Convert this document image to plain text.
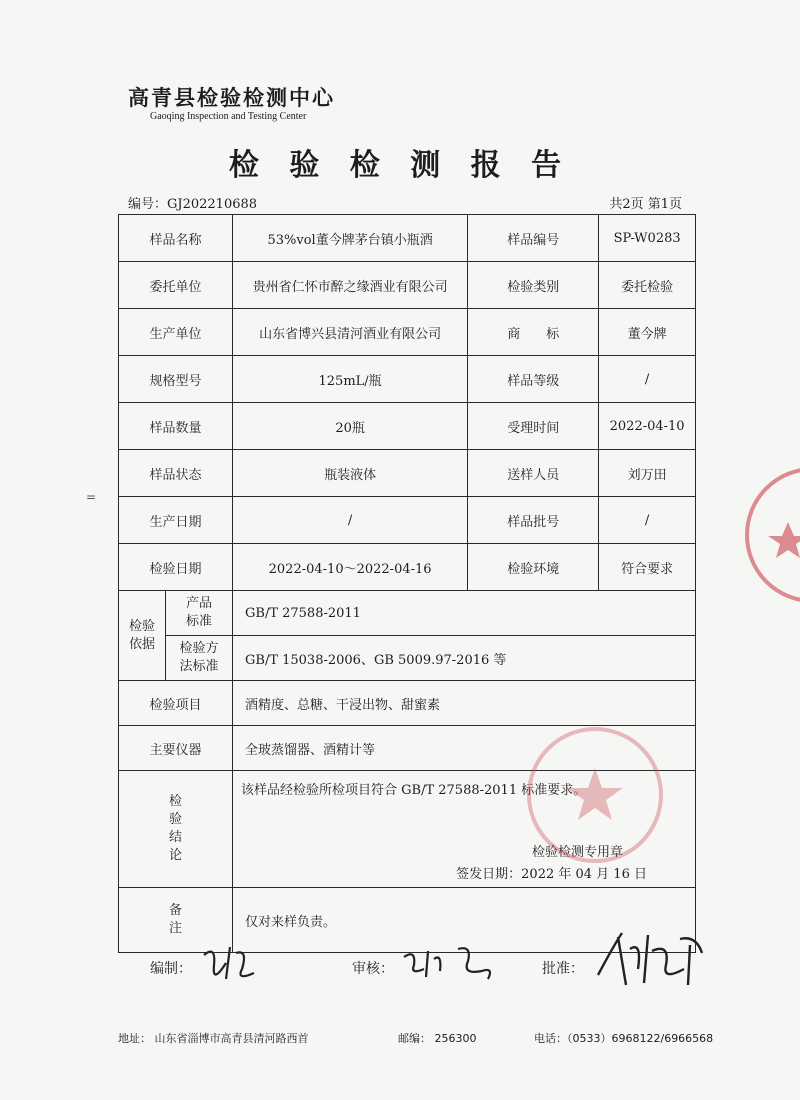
高青县检验检测中心
Gaoqing Inspection and Testing Center
检 验 检 测 报 告
编号：GJ202210688	共2页 第1页
=
样品名称		53%vol董今牌茅台镇小瓶酒	样品编号	SP-W0283
委托单位		贵州省仁怀市醉之缘酒业有限公司	检验类别	委托检验
生产单位		山东省博兴县清河酒业有限公司	商　　标	董今牌
规格型号		125mL/瓶	样品等级	/
样品数量		20瓶	受理时间	2022-04-10
样品状态		瓶装液体	送样人员	刘万田
生产日期		/	样品批号	/
检验日期		2022-04-10～2022-04-16	检验环境	符合要求
检验依据	产品标准	GB/T 27588-2011		
	检验方法标准	GB/T 15038-2006、GB 5009.97-2016 等		
检验项目		酒精度、总糖、干浸出物、甜蜜素		
主要仪器		全玻蒸馏器、酒精计等		
检验结论		该样品经检验所检项目符合 GB/T 27588-2011 标准要求。
检验检测专用章
签发日期：2022 年 04 月 16 日		

备注		仅对来样负责。		
编制：	审核：	批准：
地址： 山东省淄博市高青县清河路西首	邮编： 256300	电话：（0533）6968122/6966568
